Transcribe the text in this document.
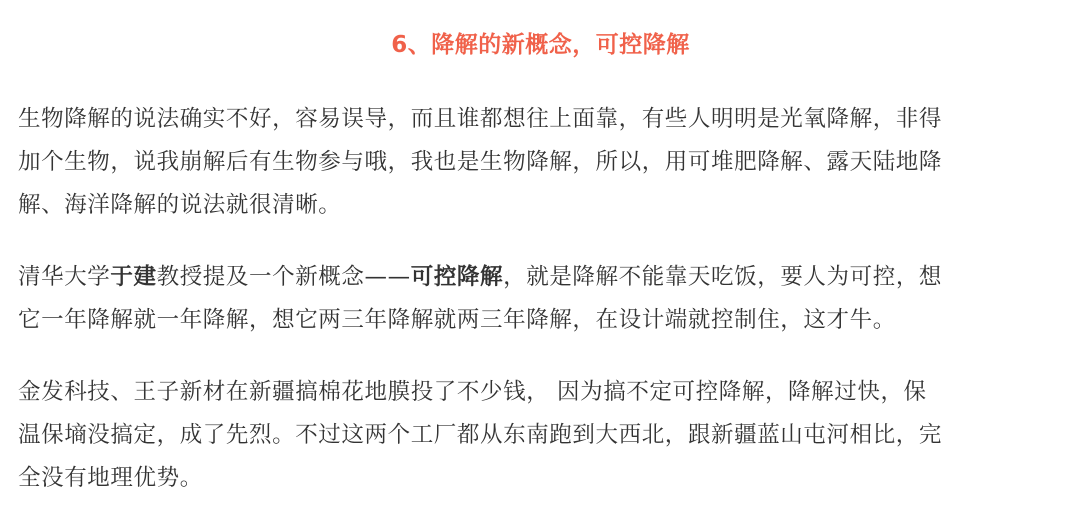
6、降解的新概念，可控降解

生物降解的说法确实不好，容易误导，而且谁都想往上面靠，有些人明明是光氧降解，非得
加个生物，说我崩解后有生物参与哦，我也是生物降解，所以，用可堆肥降解、露天陆地降
解、海洋降解的说法就很清晰。

清华大学于建教授提及一个新概念——可控降解，就是降解不能靠天吃饭，要人为可控，想
它一年降解就一年降解，想它两三年降解就两三年降解，在设计端就控制住，这才牛。

金发科技、王子新材在新疆搞棉花地膜投了不少钱， 因为搞不定可控降解，降解过快，保
温保墒没搞定，成了先烈。不过这两个工厂都从东南跑到大西北，跟新疆蓝山屯河相比，完
全没有地理优势。
